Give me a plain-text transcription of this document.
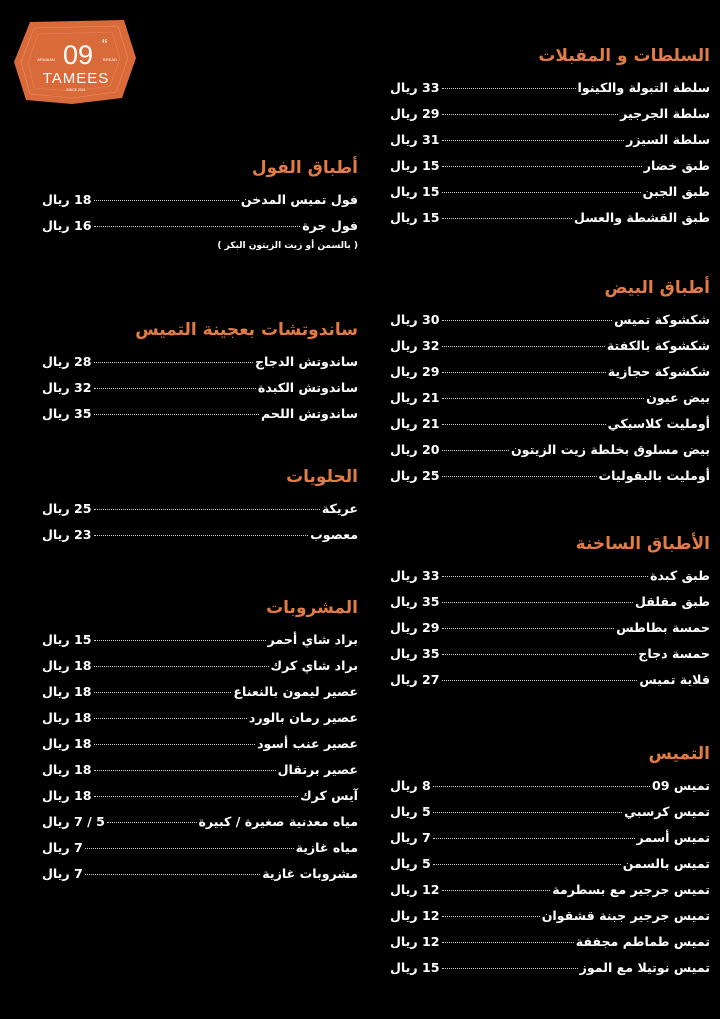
09 “
ARABIAN	BREAD
TAMEES
SINCE 2021
السلطات و المقبلات
سلطة التبولة والكينوا
33 ريال
سلطة الجرجير
29 ريال
سلطة السيزر
31 ريال
طبق خضار
15 ريال
طبق الجبن
15 ريال
طبق القشطة والعسل
15 ريال
أطباق البيض
شكشوكة تميس
30 ريال
شكشوكة بالكفتة
32 ريال
شكشوكة حجازية
29 ريال
بيض عيون
21 ريال
أومليت كلاسيكي
21 ريال
بيض مسلوق بخلطة زيت الزيتون
20 ريال
أومليت بالبقوليات
25 ريال
الأطباق الساخنة
طبق كبدة
33 ريال
طبق مقلقل
35 ريال
حمسة بطاطس
29 ريال
حمسة دجاج
35 ريال
قلاية تميس
27 ريال
التميس
تميس 09
8 ريال
تميس كرسبي
5 ريال
تميس أسمر
7 ريال
تميس بالسمن
5 ريال
تميس جرجير مع بسطرمة
12 ريال
تميس جرجير جبنة قشقوان
12 ريال
تميس طماطم مجففة
12 ريال
تميس نوتيلا مع الموز
15 ريال
أطباق الفول
فول تميس المدخن
18 ريال
فول جرة
16 ريال
( بالسمن أو زيت الزيتون البكر )
ساندوتشات بعجينة التميس
ساندوتش الدجاج
28 ريال
ساندوتش الكبدة
32 ريال
ساندوتش اللحم
35 ريال
الحلويات
عريكة
25 ريال
معصوب
23 ريال
المشروبات
براد شاي أحمر
15 ريال
براد شاي كرك
18 ريال
عصير ليمون بالنعناع
18 ريال
عصير رمان بالورد
18 ريال
عصير عنب أسود
18 ريال
عصير برتقال
18 ريال
آيس كرك
18 ريال
مياه معدنية صغيرة / كبيرة
5 / 7 ريال
مياه غازية
7 ريال
مشروبات غازية
7 ريال
